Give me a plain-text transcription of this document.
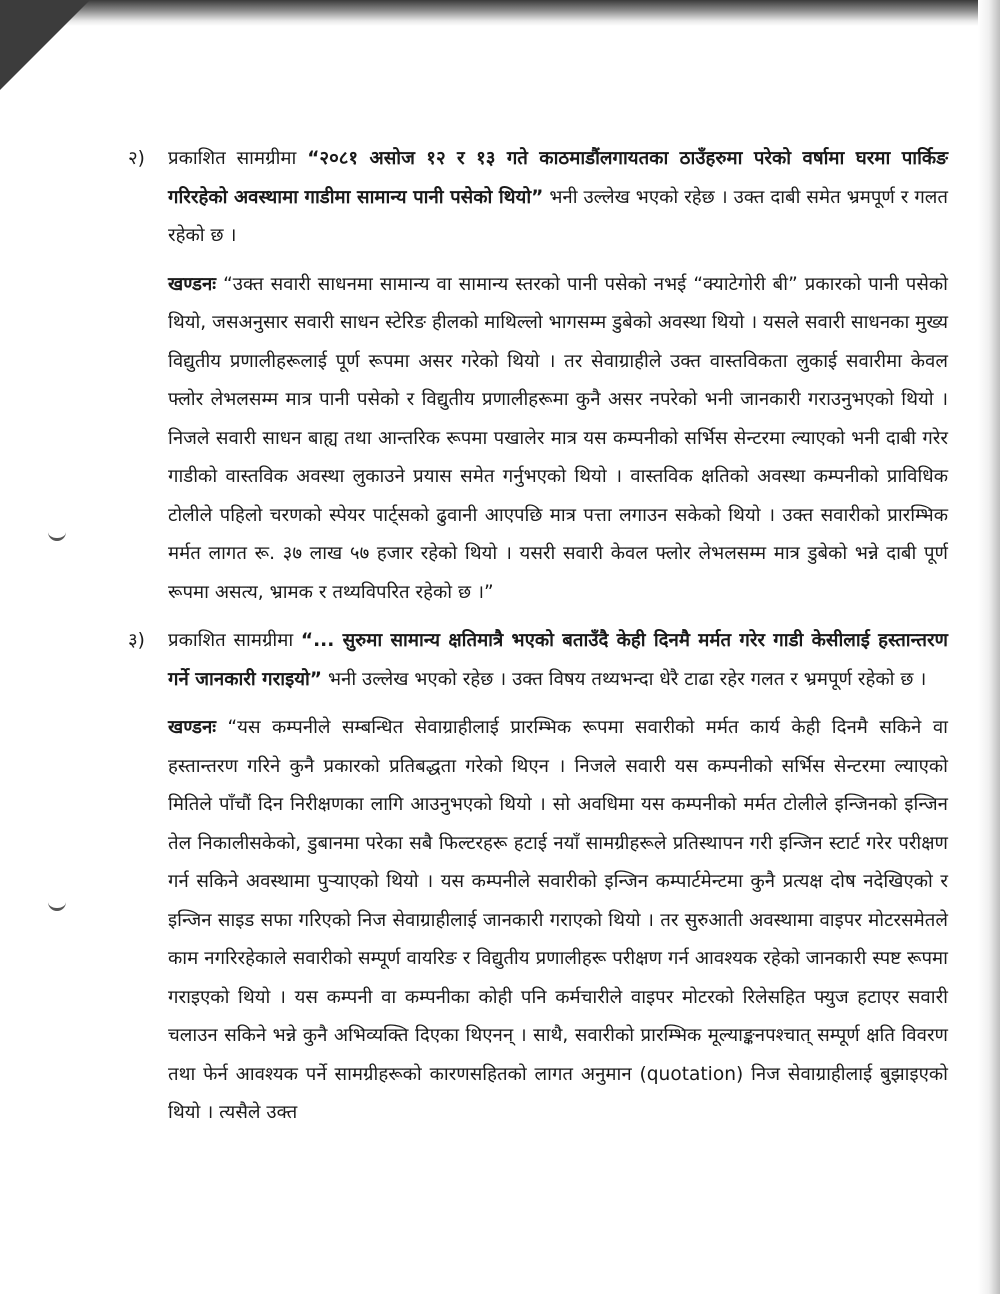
२)	प्रकाशित सामग्रीमा “२०८१ असोज १२ र १३ गते काठमाडौंलगायतका ठाउँहरुमा परेको वर्षामा घरमा पार्किङ गरिरहेको अवस्थामा गाडीमा सामान्य पानी पसेको थियो” भनी उल्लेख भएको रहेछ । उक्त दाबी समेत भ्रमपूर्ण र गलत रहेको छ ।
खण्डनः “उक्त सवारी साधनमा सामान्य वा सामान्य स्तरको पानी पसेको नभई “क्याटेगोरी बी” प्रकारको पानी पसेको थियो, जसअनुसार सवारी साधन स्टेरिङ हीलको माथिल्लो भागसम्म डुबेको अवस्था थियो । यसले सवारी साधनका मुख्य विद्युतीय प्रणालीहरूलाई पूर्ण रूपमा असर गरेको थियो । तर सेवाग्राहीले उक्त वास्तविकता लुकाई सवारीमा केवल फ्लोर लेभलसम्म मात्र पानी पसेको र विद्युतीय प्रणालीहरूमा कुनै असर नपरेको भनी जानकारी गराउनुभएको थियो । निजले सवारी साधन बाह्य तथा आन्तरिक रूपमा पखालेर मात्र यस कम्पनीको सर्भिस सेन्टरमा ल्याएको भनी दाबी गरेर गाडीको वास्तविक अवस्था लुकाउने प्रयास समेत गर्नुभएको थियो । वास्तविक क्षतिको अवस्था कम्पनीको प्राविधिक टोलीले पहिलो चरणको स्पेयर पार्ट्सको ढुवानी आएपछि मात्र पत्ता लगाउन सकेको थियो । उक्त सवारीको प्रारम्भिक मर्मत लागत रू. ३७ लाख ५७ हजार रहेको थियो । यसरी सवारी केवल फ्लोर लेभलसम्म मात्र डुबेको भन्ने दाबी पूर्ण रूपमा असत्य, भ्रामक र तथ्यविपरित रहेको छ ।”
३)	प्रकाशित सामग्रीमा “... सुरुमा सामान्य क्षतिमात्रै भएको बताउँदै केही दिनमै मर्मत गरेर गाडी केसीलाई हस्तान्तरण गर्ने जानकारी गराइयो” भनी उल्लेख भएको रहेछ । उक्त विषय तथ्यभन्दा धेरै टाढा रहेर गलत र भ्रमपूर्ण रहेको छ ।
खण्डनः “यस कम्पनीले सम्बन्धित सेवाग्राहीलाई प्रारम्भिक रूपमा सवारीको मर्मत कार्य केही दिनमै सकिने वा हस्तान्तरण गरिने कुनै प्रकारको प्रतिबद्धता गरेको थिएन । निजले सवारी यस कम्पनीको सर्भिस सेन्टरमा ल्याएको मितिले पाँचौं दिन निरीक्षणका लागि आउनुभएको थियो । सो अवधिमा यस कम्पनीको मर्मत टोलीले इन्जिनको इन्जिन तेल निकालीसकेको, डुबानमा परेका सबै फिल्टरहरू हटाई नयाँ सामग्रीहरूले प्रतिस्थापन गरी इन्जिन स्टार्ट गरेर परीक्षण गर्न सकिने अवस्थामा पुऱ्याएको थियो । यस कम्पनीले सवारीको इन्जिन कम्पार्टमेन्टमा कुनै प्रत्यक्ष दोष नदेखिएको र इन्जिन साइड सफा गरिएको निज सेवाग्राहीलाई जानकारी गराएको थियो । तर सुरुआती अवस्थामा वाइपर मोटरसमेतले काम नगरिरहेकाले सवारीको सम्पूर्ण वायरिङ र विद्युतीय प्रणालीहरू परीक्षण गर्न आवश्यक रहेको जानकारी स्पष्ट रूपमा गराइएको थियो । यस कम्पनी वा कम्पनीका कोही पनि कर्मचारीले वाइपर मोटरको रिलेसहित फ्युज हटाएर सवारी चलाउन सकिने भन्ने कुनै अभिव्यक्ति दिएका थिएनन् । साथै, सवारीको प्रारम्भिक मूल्याङ्कनपश्चात् सम्पूर्ण क्षति विवरण तथा फेर्न आवश्यक पर्ने सामग्रीहरूको कारणसहितको लागत अनुमान (quotation) निज सेवाग्राहीलाई बुझाइएको थियो । त्यसैले उक्त
